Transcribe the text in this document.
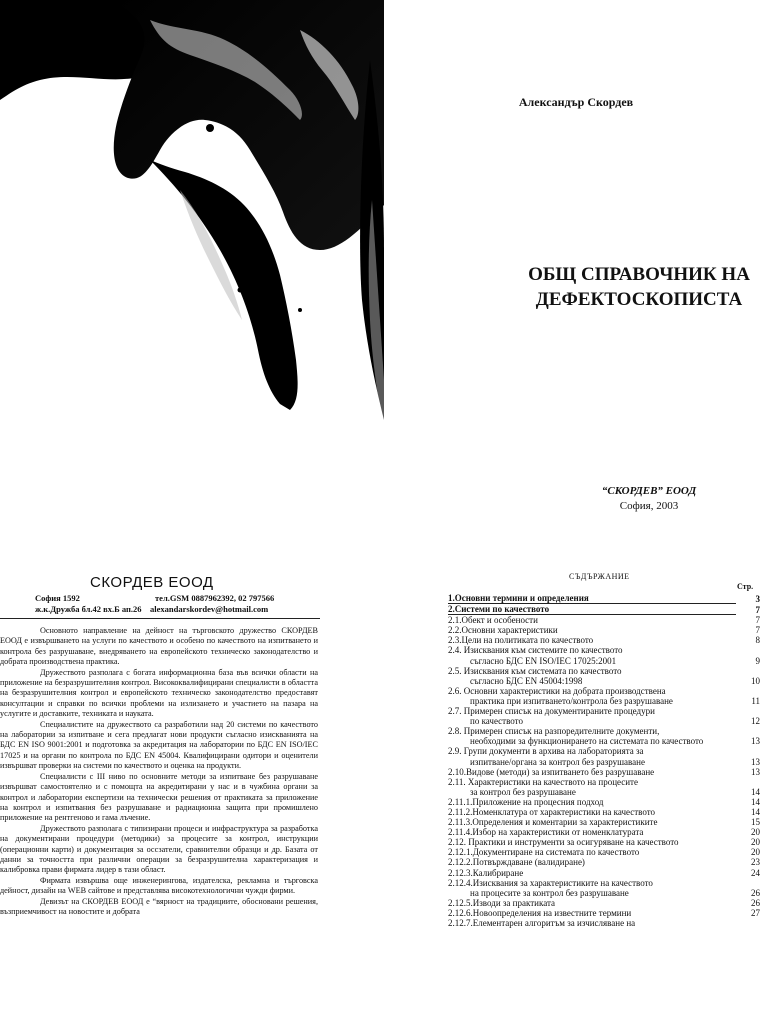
Александър Скордев
ОБЩ СПРАВОЧНИК НА
ДЕФЕКТОСКОПИСТА
“СКОРДЕВ” ЕООД
София, 2003
СКОРДЕВ ЕООД
София 1592	тел.GSM 0887962392, 02 797566
ж.к.Дружба бл.42 вх.Б ап.26 alexandarskordev@hotmail.com

Основното направление на дейност на търговското дружество СКОРДЕВ ЕООД е извършването на услуги по качеството и особено по качеството на изпитването и контрола без разрушаване, внедряването на европейското техническо законодателство и добрата производствена практика.

Дружеството разполага с богата информационна база във всички области на приложение на безразрушителния контрол. Висококвалифицирани специалисти в областта на безразрушителния контрол и европейското техническо законодателство предоставят консултации и справки по всички проблеми на излизането и участието на пазара на услугите и доставките, техниката и науката.

Специалистите на дружеството са разработили над 20 системи по качеството на лаборатории за изпитване и сега предлагат нови продукти съгласно изискванията на БДС EN ISO 9001:2001 и подготовка за акредитация на лаборатории по БДС EN ISO/IEC 17025 и на органи по контрола по БДС EN 45004. Квалифицирани одитори и оценители извършват проверки на системи по качеството и оценка на продукти.

Специалисти с III ниво по основните методи за изпитване без разрушаване извършват самостоятелно и с помощта на акредитирани у нас и в чужбина органи за контрол и лаборатории експертизи на технически решения от практиката за приложение на контрол и изпитвания без разрушаване и радиационна защита при промишлено приложение на рентгеново и гама лъчение.

Дружеството разполага с типизирани процеси и инфраструктура за разработка на документирани процедури (методики) за процесите за контрол, инструкции (операционни карти) и документация за оссзатели, сравнителни образци и др. Базата от данни за точността при различни операции за безразрушителна характеризация и калибровка прави фирмата лидер в тази област.

Фирмата извършва още инженерингова, издателска, рекламна и търговска дейност, дизайн на WEB сайтове и представлява високотехнологични чужди фирми.

Девизът на СКОРДЕВ ЕООД е “вярност на традициите, обосновани решения, възприемчивост на новостите и добрата

СЪДЪРЖАНИЕ
Стр.
1.Основни термини и определения	3
2.Системи по качеството	7
2.1.Обект и особености	7
2.2.Основни характеристики	7
2.3.Цели на политиката по качеството	8
2.4. Изисквания към системите по качеството
съгласно БДС EN ISO/IEC 17025:2001	9
2.5. Изисквания към системата по качеството
съгласно БДС EN 45004:1998	10
2.6. Основни характеристики на добрата производствена
практика при изпитването/контрола без разрушаване	11
2.7. Примерен списък на документираните процедури
по качеството	12
2.8. Примерен списък на разпоредителните документи,
необходими за функционирането на системата по качеството	13
2.9. Групи документи в архива на лабораторията за
изпитване/органа за контрол без разрушаване	13
2.10.Видове (методи) за изпитването без разрушаване	13
2.11. Характеристики на качеството на процесите
за контрол без разрушаване	14
2.11.1.Приложение на процесния подход	14
2.11.2.Номенклатура от характеристики на качеството	14
2.11.3.Определения и коментарии за характеристиките	15
2.11.4.Избор на характеристики от номенклатурата	20
2.12. Практики и инструменти за осигуряване на качеството	20
2.12.1.Документиране на системата по качеството	20
2.12.2.Потвърждаване (валидиране)	23
2.12.3.Калибриране	24
2.12.4.Изисквания за характеристиките на качеството
на процесите за контрол без разрушаване	26
2.12.5.Изводи за практиката	26
2.12.6.Новоопределения на известните термини	27
2.12.7.Елементарен алгоритъм за изчисляване на
